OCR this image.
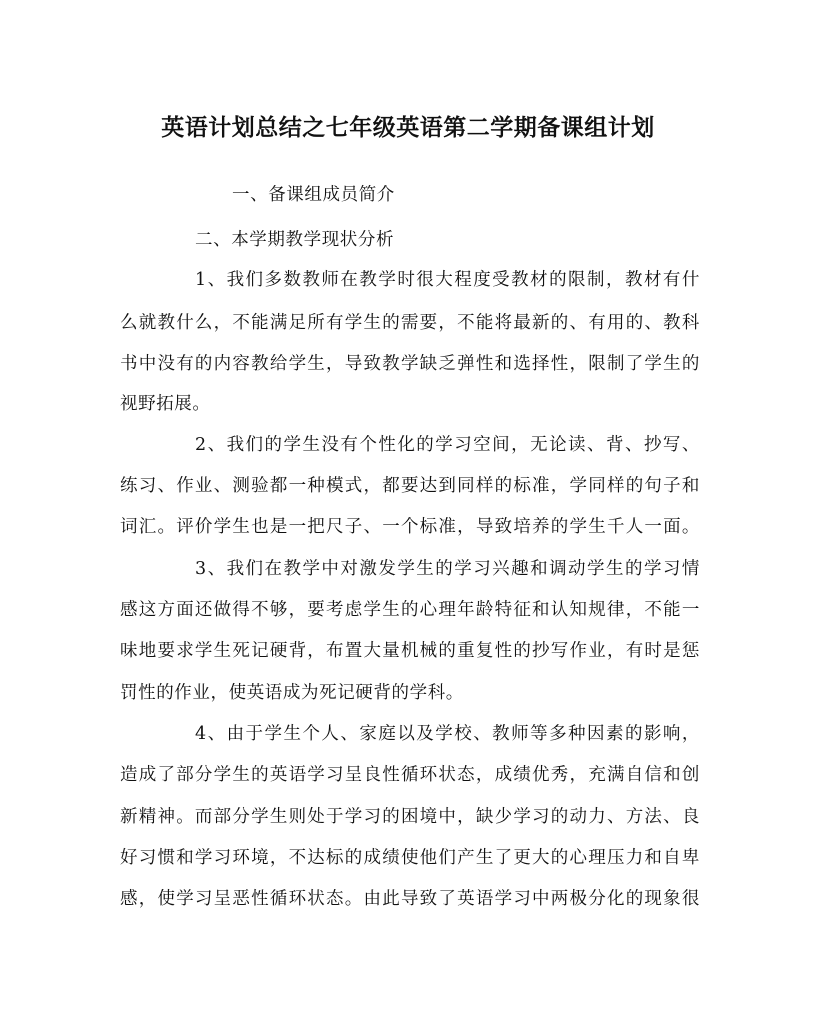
英语计划总结之七年级英语第二学期备课组计划
一、备课组成员简介
二、本学期教学现状分析
1、我们多数教师在教学时很大程度受教材的限制，教材有什
么就教什么，不能满足所有学生的需要，不能将最新的、有用的、教科
书中没有的内容教给学生，导致教学缺乏弹性和选择性，限制了学生的
视野拓展。
2、我们的学生没有个性化的学习空间，无论读、背、抄写、
练习、作业、测验都一种模式，都要达到同样的标准，学同样的句子和
词汇。评价学生也是一把尺子、一个标准，导致培养的学生千人一面。
3、我们在教学中对激发学生的学习兴趣和调动学生的学习情
感这方面还做得不够，要考虑学生的心理年龄特征和认知规律，不能一
味地要求学生死记硬背，布置大量机械的重复性的抄写作业，有时是惩
罚性的作业，使英语成为死记硬背的学科。
4、由于学生个人、家庭以及学校、教师等多种因素的影响，
造成了部分学生的英语学习呈良性循环状态，成绩优秀，充满自信和创
新精神。而部分学生则处于学习的困境中，缺少学习的动力、方法、良
好习惯和学习环境，不达标的成绩使他们产生了更大的心理压力和自卑
感，使学习呈恶性循环状态。由此导致了英语学习中两极分化的现象很
